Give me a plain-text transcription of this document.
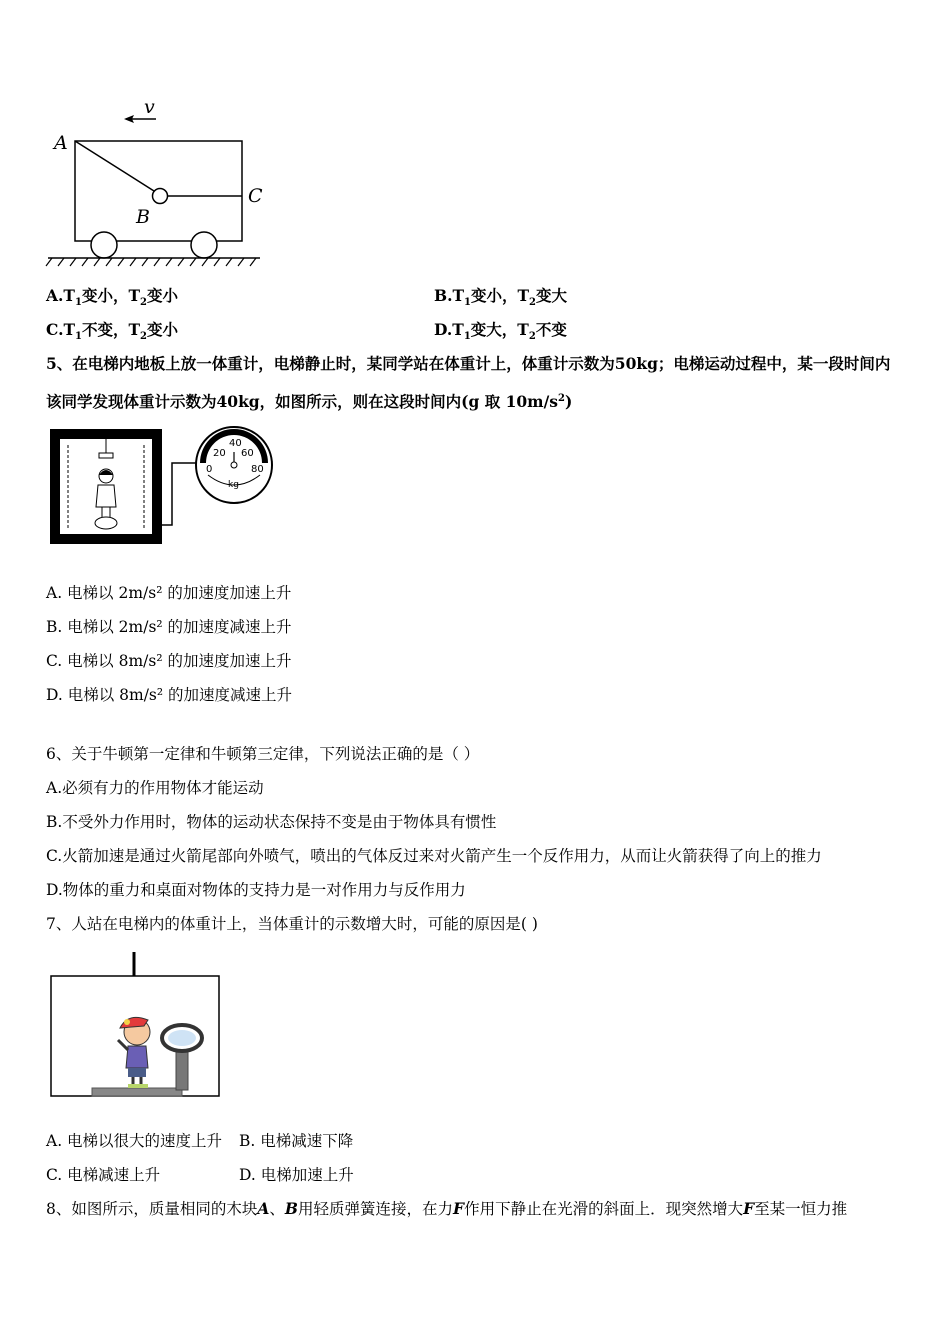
v
A
B
C
$A.T_1$变小，$T_2$变小	$B.T_1$变小，$T_2$变大
$C.T_1$不变，$T_2$变小	$D.T_1$变大，$T_2$不变
5、在电梯内地板上放一体重计，电梯静止时，某同学站在体重计上，体重计示数为50kg；电梯运动过程中，某一段时间内
该同学发现体重计示数为40kg，如图所示，则在这段时间内(g 取 $10m/s^2$)
40
20 60
0	80
kg
A. 电梯以 2m/s² 的加速度加速上升
B. 电梯以 2m/s² 的加速度减速上升
C. 电梯以 8m/s² 的加速度加速上升
D. 电梯以 8m/s² 的加速度减速上升
6、关于牛顿第一定律和牛顿第三定律，下列说法正确的是（ ）
A.必须有力的作用物体才能运动
B.不受外力作用时，物体的运动状态保持不变是由于物体具有惯性
C.火箭加速是通过火箭尾部向外喷气，喷出的气体反过来对火箭产生一个反作用力，从而让火箭获得了向上的推力
D.物体的重力和桌面对物体的支持力是一对作用力与反作用力
7、人站在电梯内的体重计上，当体重计的示数增大时，可能的原因是( )
A. 电梯以很大的速度上升 B. 电梯减速下降
C. 电梯减速上升	D. 电梯加速上升
8、如图所示，质量相同的木块A、B用轻质弹簧连接，在力F作用下静止在光滑的斜面上．现突然增大F至某一恒力推
